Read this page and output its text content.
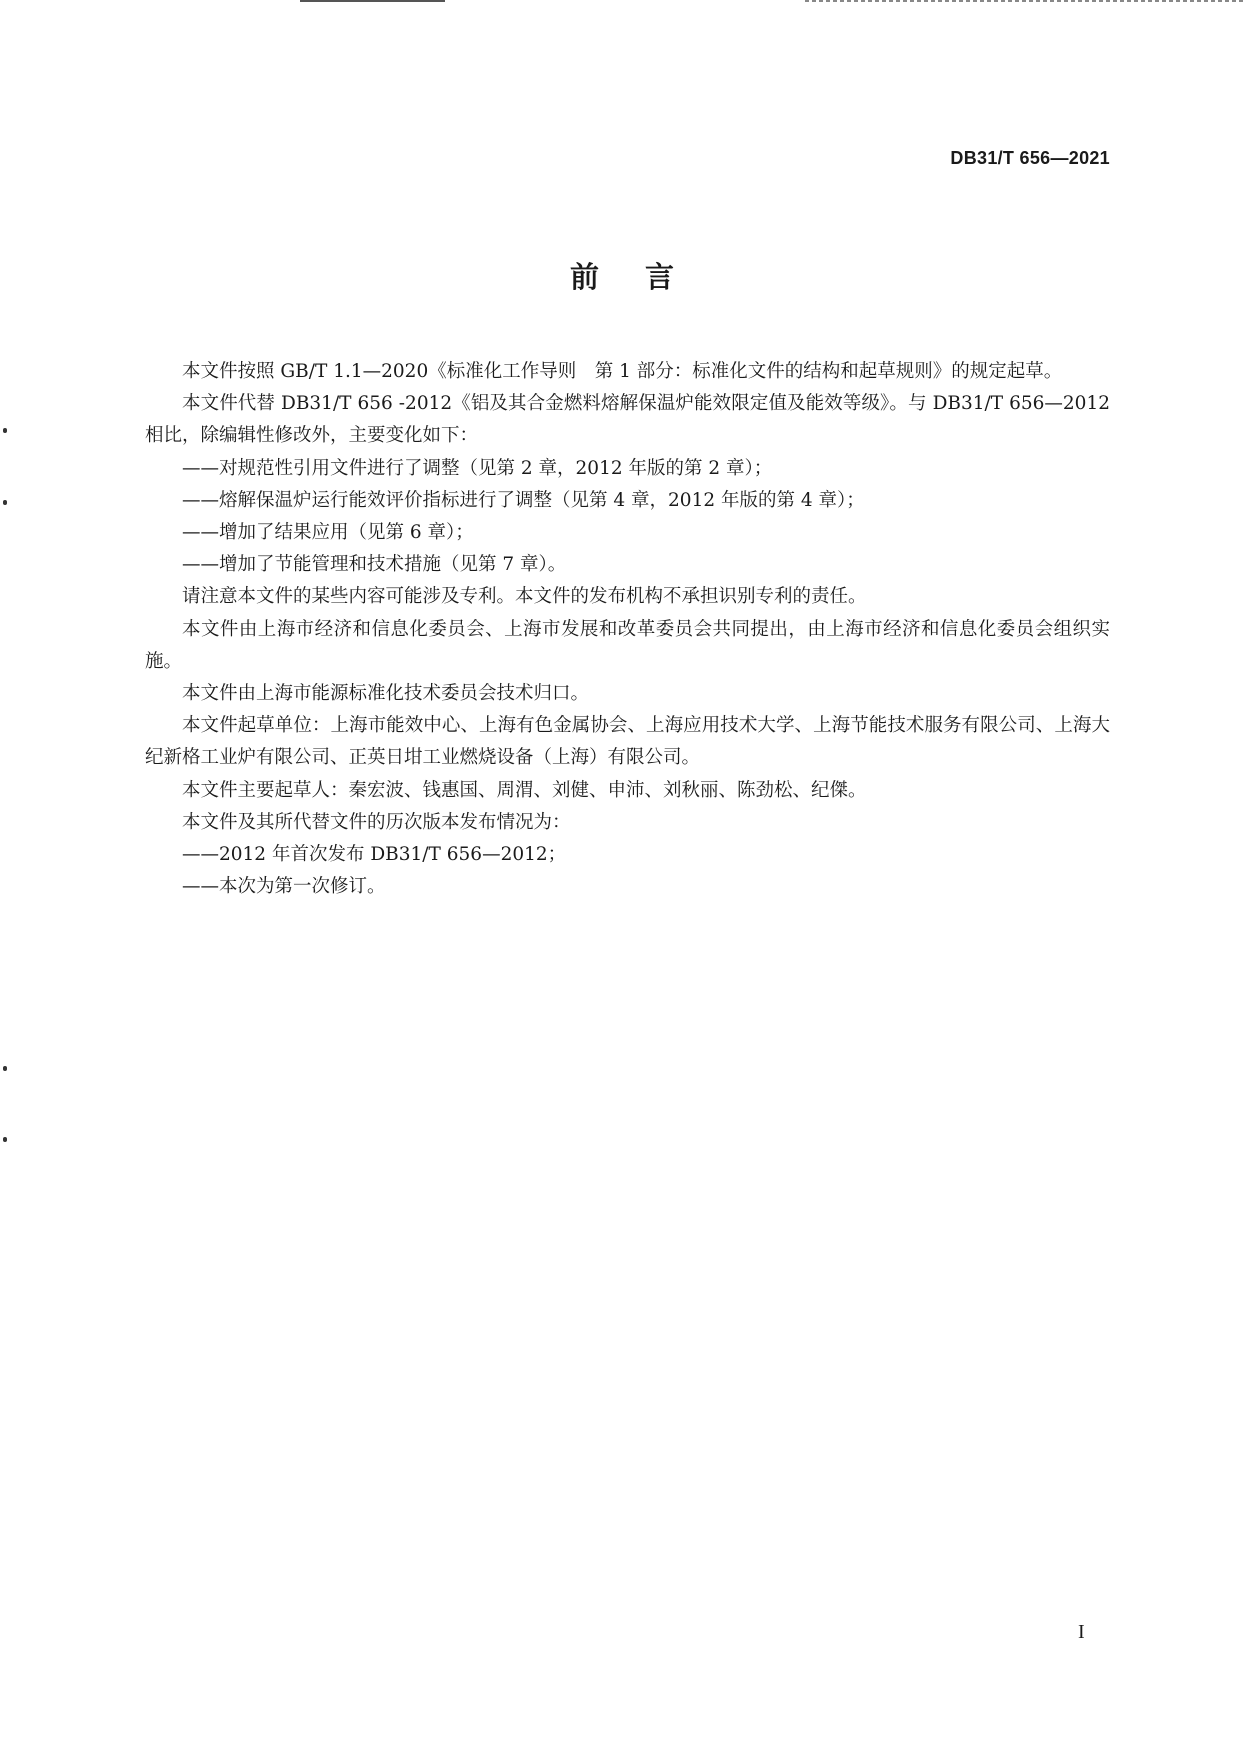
DB31/T 656—2021
前言

本文件按照 GB/T 1.1—2020《标准化工作导则　第 1 部分：标准化文件的结构和起草规则》的规定起草。

本文件代替 DB31/T 656 -2012《铝及其合金燃料熔解保温炉能效限定值及能效等级》。与 DB31/T 656—2012 相比，除编辑性修改外，主要变化如下：

——对规范性引用文件进行了调整（见第 2 章，2012 年版的第 2 章）；

——熔解保温炉运行能效评价指标进行了调整（见第 4 章，2012 年版的第 4 章）；

——增加了结果应用（见第 6 章）；

——增加了节能管理和技术措施（见第 7 章）。

请注意本文件的某些内容可能涉及专利。本文件的发布机构不承担识别专利的责任。

本文件由上海市经济和信息化委员会、上海市发展和改革委员会共同提出，由上海市经济和信息化委员会组织实施。

本文件由上海市能源标准化技术委员会技术归口。

本文件起草单位：上海市能效中心、上海有色金属协会、上海应用技术大学、上海节能技术服务有限公司、上海大纪新格工业炉有限公司、正英日坩工业燃烧设备（上海）有限公司。

本文件主要起草人：秦宏波、钱惠国、周渭、刘健、申沛、刘秋丽、陈劲松、纪傑。

本文件及其所代替文件的历次版本发布情况为：

——2012 年首次发布 DB31/T 656—2012；

——本次为第一次修订。

I
